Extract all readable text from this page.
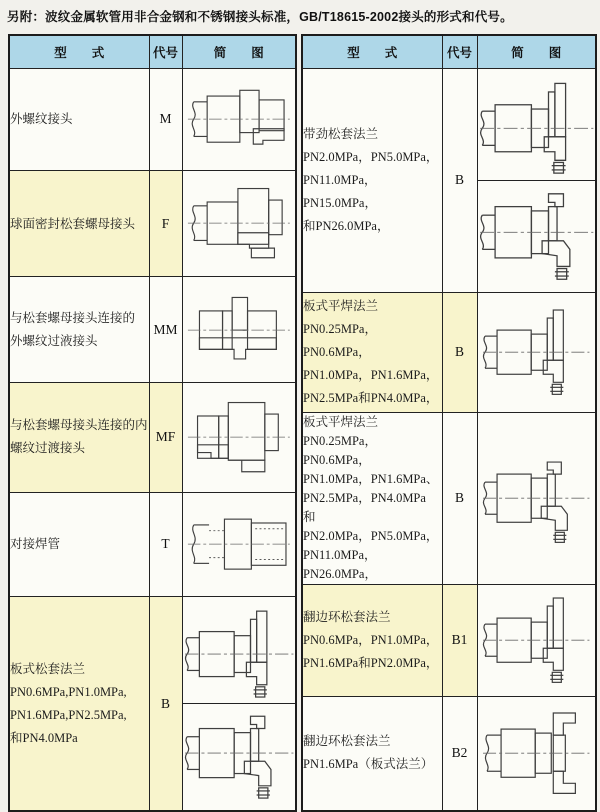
另附：波纹金属软管用非合金钢和不锈钢接头标准，GB/T18615-2002接头的形式和代号。
型　　式	代号	简　　图

外螺纹接头	M	

球面密封松套螺母接头	F	

与松套螺母接头连接的
外螺纹过液接头	MM	

与松套螺母接头连接的内
螺纹过渡接头	MF	

对接焊管	T	

板式松套法兰
PN0.6MPa,PN1.0MPa,
PN1.6MPa,PN2.5MPa,
和PN4.0MPa	B	
型　　式	代号	简　　图

带劲松套法兰
PN2.0MPa，PN5.0MPa，
PN11.0MPa，PN15.0MPa，
和PN26.0MPa，	B	

板式平焊法兰
PN0.25MPa，PN0.6MPa，
PN1.0MPa，PN1.6MPa，
PN2.5MPa和PN4.0MPa，	B	

板式平焊法兰
PN0.25MPa，PN0.6MPa，
PN1.0MPa，PN1.6MPa、
PN2.5MPa，PN4.0MPa 和
PN2.0MPa，PN5.0MPa，
PN11.0MPa，PN26.0MPa，
	B	

翻边环松套法兰
PN0.6MPa，PN1.0MPa，
PN1.6MPa和PN2.0MPa，	B1	

翻边环松套法兰
PN1.6MPa（板式法兰）	B2	
